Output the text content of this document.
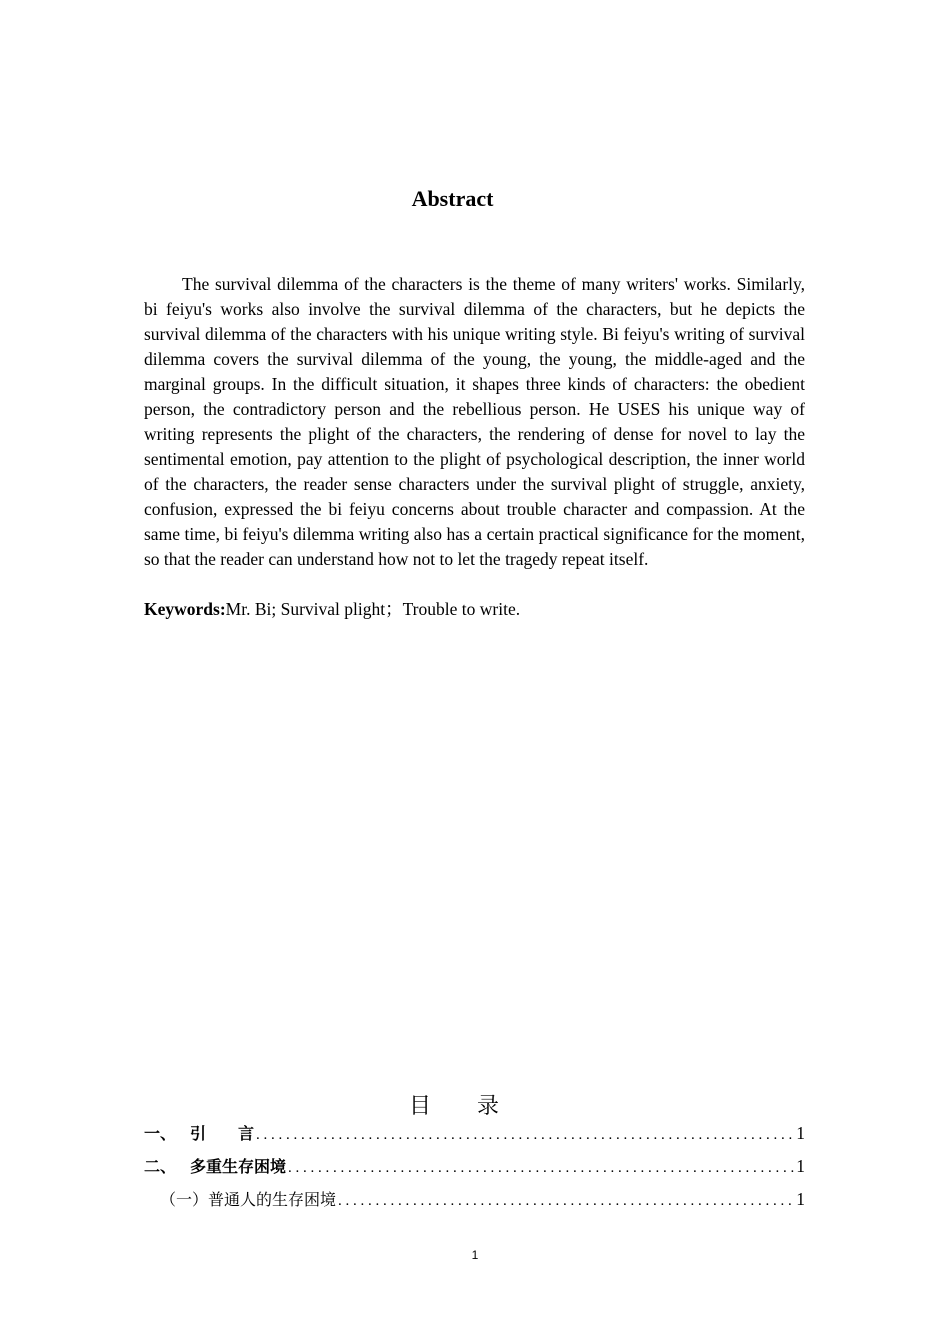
Abstract

The survival dilemma of the characters is the theme of many writers' works. Similarly, bi feiyu's works also involve the survival dilemma of the characters, but he depicts the survival dilemma of the characters with his unique writing style. Bi feiyu's writing of survival dilemma covers the survival dilemma of the young, the young, the middle-aged and the marginal groups. In the difficult situation, it shapes three kinds of characters: the obedient person, the contradictory person and the rebellious person. He USES his unique way of writing represents the plight of the characters, the rendering of dense for novel to lay the sentimental emotion, pay attention to the plight of psychological description, the inner world of the characters, the reader sense characters under the survival plight of struggle, anxiety, confusion, expressed the bi feiyu concerns about trouble character and compassion. At the same time, bi feiyu's dilemma writing also has a certain practical significance for the moment, so that the reader can understand how not to let the tragedy repeat itself.

Keywords:Mr. Bi; Survival plight；Trouble to write.

目 录
一、 引　　言 . . .	1
二、 多重生存困境 . . .	1
（一） 普通人的生存困境 . . .	1
1
